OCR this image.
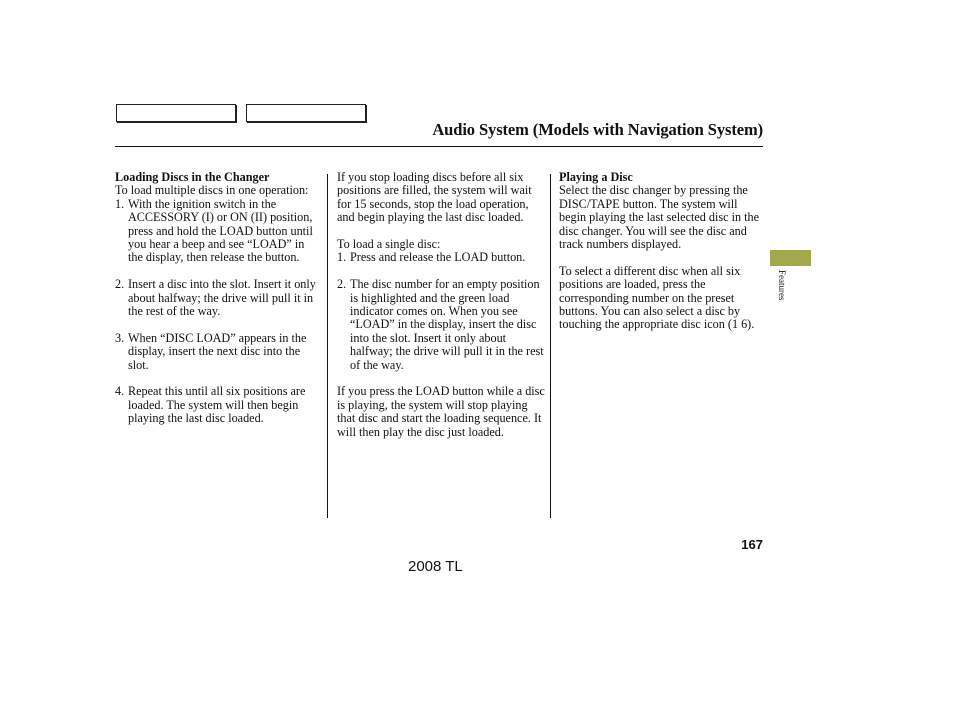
Audio System (Models with Navigation System)

Loading Discs in the Changer

To load multiple discs in one operation:

1. With the ignition switch in the ACCESSORY (I) or ON (II) position, press and hold the LOAD button until you hear a beep and see “LOAD” in the display, then release the button.
2. Insert a disc into the slot. Insert it only about halfway; the drive will pull it in the rest of the way.
3. When “DISC LOAD” appears in the display, insert the next disc into the slot.
4. Repeat this until all six positions are loaded. The system will then begin playing the last disc loaded.

If you stop loading discs before all six positions are filled, the system will wait for 15 seconds, stop the load operation, and begin playing the last disc loaded.

To load a single disc:

1. Press and release the LOAD button.
2. The disc number for an empty position is highlighted and the green load indicator comes on. When you see “LOAD” in the display, insert the disc into the slot. Insert it only about halfway; the drive will pull it in the rest of the way.

If you press the LOAD button while a disc is playing, the system will stop playing that disc and start the loading sequence. It will then play the disc just loaded.

Playing a Disc

Select the disc changer by pressing the DISC/TAPE button. The system will begin playing the last selected disc in the disc changer. You will see the disc and track numbers displayed.

To select a different disc when all six positions are loaded, press the corresponding number on the preset buttons. You can also select a disc by touching the appropriate disc icon (1 6).

Features
167
2008 TL
